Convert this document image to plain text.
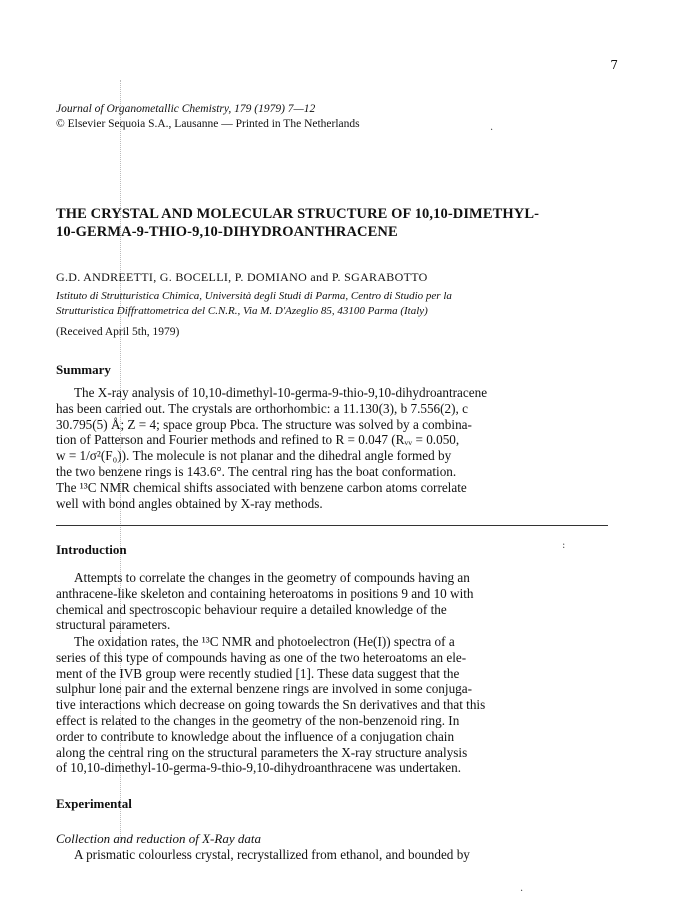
7
Journal of Organometallic Chemistry, 179 (1979) 7—12
© Elsevier Sequoia S.A., Lausanne — Printed in The Netherlands
THE CRYSTAL AND MOLECULAR STRUCTURE OF 10,10-DIMETHYL-
10-GERMA-9-THIO-9,10-DIHYDROANTHRACENE
G.D. ANDREETTI, G. BOCELLI, P. DOMIANO and P. SGARABOTTO
Istituto di Strutturistica Chimica, Università degli Studi di Parma, Centro di Studio per la
Strutturistica Diffrattometrica del C.N.R., Via M. D'Azeglio 85, 43100 Parma (Italy)
(Received April 5th, 1979)
Summary
The X-ray analysis of 10,10-dimethyl-10-germa-9-thio-9,10-dihydroantracene
has been carried out. The crystals are orthorhombic: a 11.130(3), b 7.556(2), c
30.795(5) Å; Z = 4; space group Pbca. The structure was solved by a combina-
tion of Patterson and Fourier methods and refined to R = 0.047 (Rᵥᵥ = 0.050,
w = 1/σ²(F₀)). The molecule is not planar and the dihedral angle formed by
the two benzene rings is 143.6°. The central ring has the boat conformation.
The ¹³C NMR chemical shifts associated with benzene carbon atoms correlate
well with bond angles obtained by X-ray methods.
Introduction
Attempts to correlate the changes in the geometry of compounds having an
anthracene-like skeleton and containing heteroatoms in positions 9 and 10 with
chemical and spectroscopic behaviour require a detailed knowledge of the
structural parameters.
The oxidation rates, the ¹³C NMR and photoelectron (He(I)) spectra of a
series of this type of compounds having as one of the two heteroatoms an ele-
ment of the IVB group were recently studied [1]. These data suggest that the
sulphur lone pair and the external benzene rings are involved in some conjuga-
tive interactions which decrease on going towards the Sn derivatives and that this
effect is related to the changes in the geometry of the non-benzenoid ring. In
order to contribute to knowledge about the influence of a conjugation chain
along the central ring on the structural parameters the X-ray structure analysis
of 10,10-dimethyl-10-germa-9-thio-9,10-dihydroanthracene was undertaken.
Experimental
Collection and reduction of X-Ray data
A prismatic colourless crystal, recrystallized from ethanol, and bounded by
.
.
:
